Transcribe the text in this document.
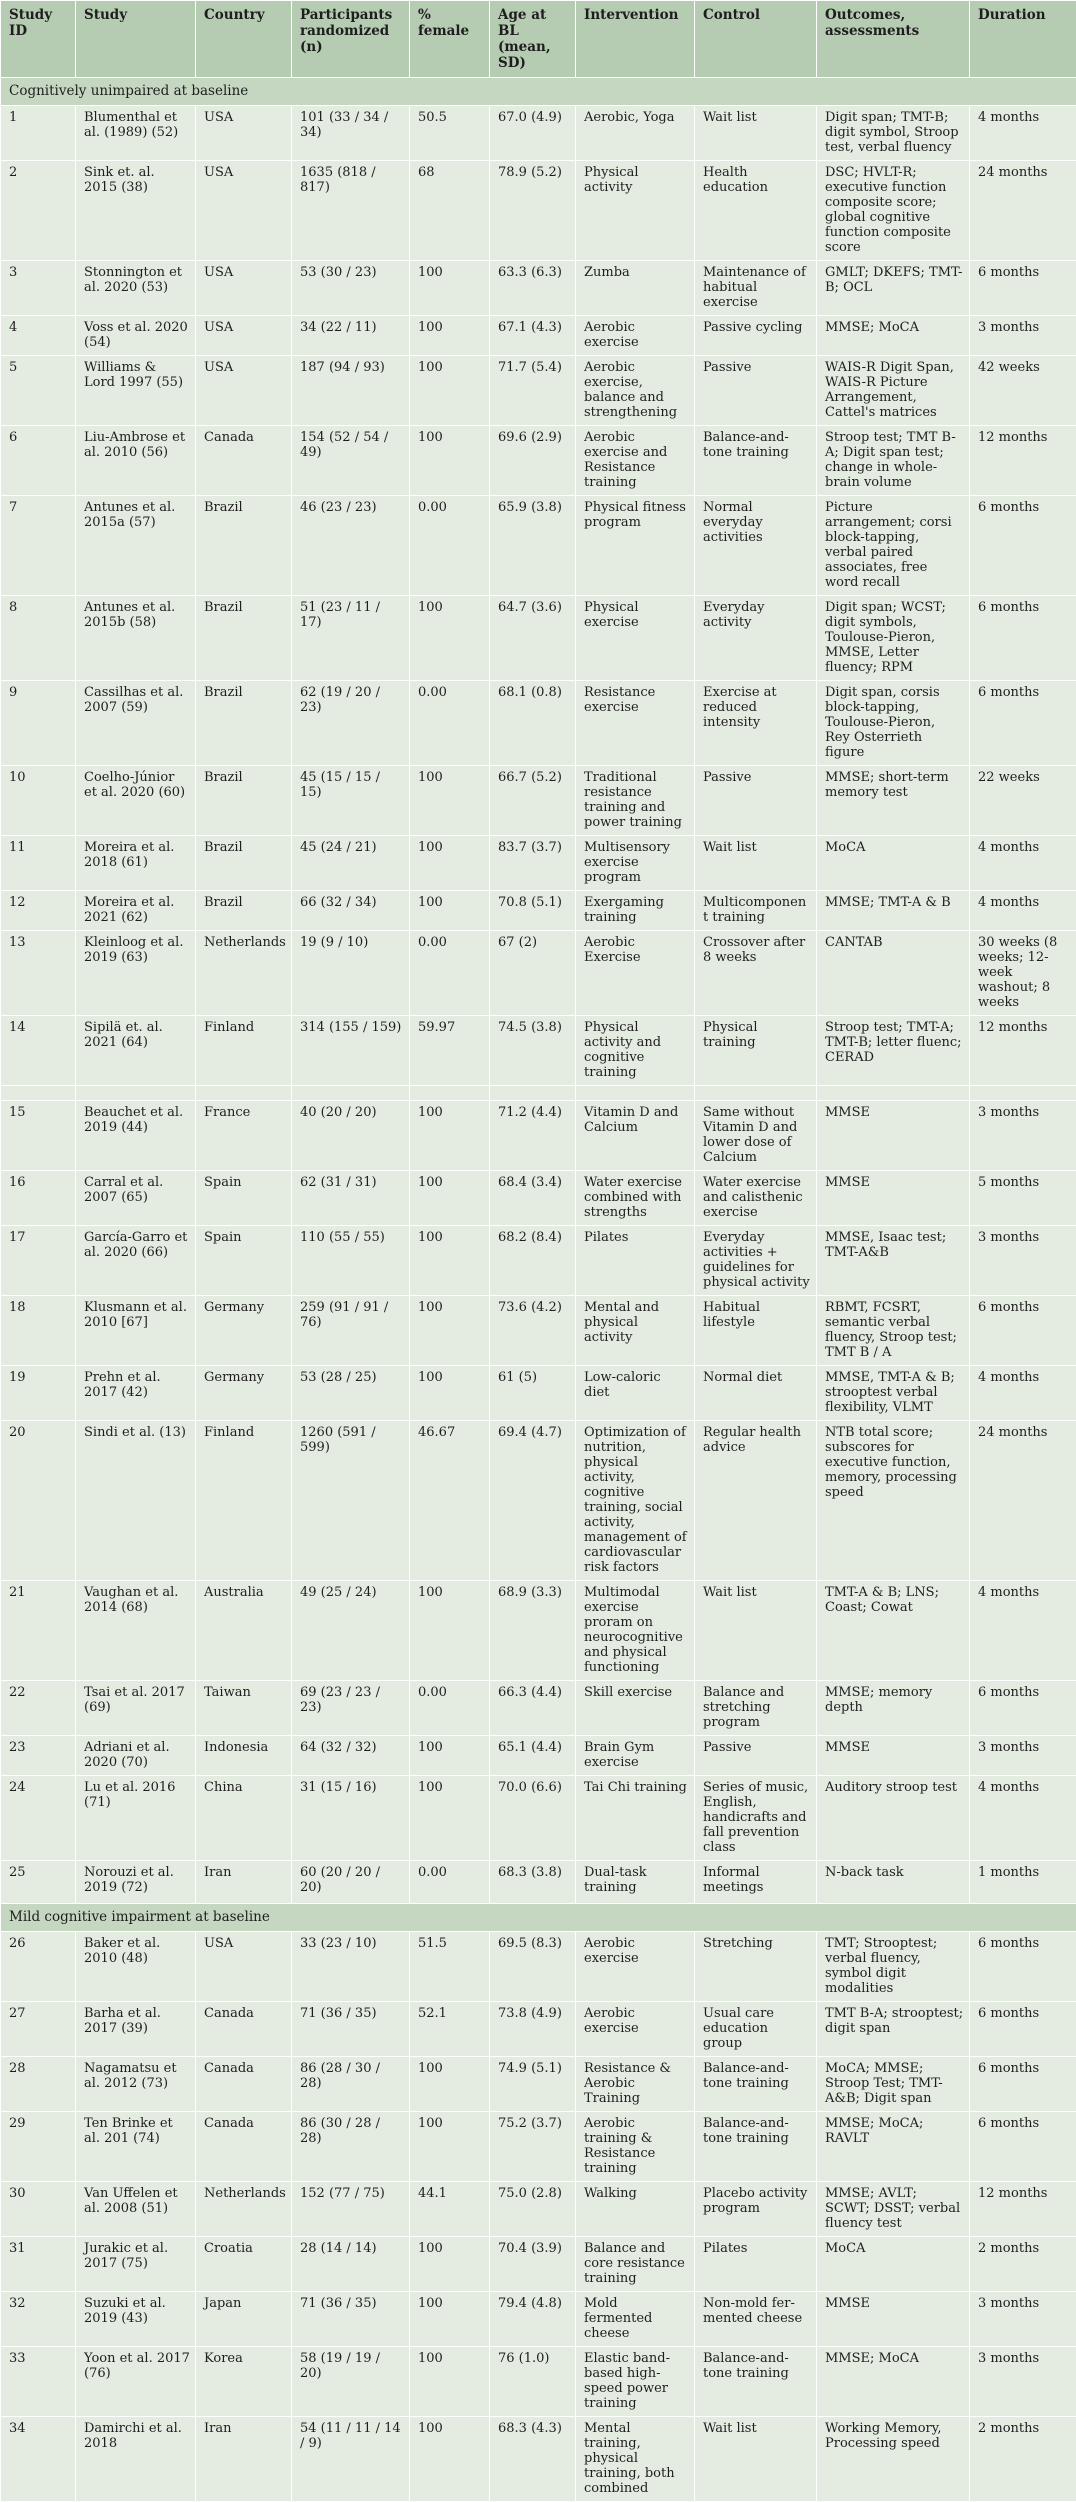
Study ID	Study	Country	Participants randomized (n)	% female	Age at BL (mean, SD)	Intervention	Control	Outcomes, assessments	Duration
Cognitively unimpaired at baseline									
1	Blumenthal et al. (1989) (52)	USA	101 (33 / 34 / 34)	50.5	67.0 (4.9)	Aerobic, Yoga	Wait list	Digit span; TMT-B; digit symbol, Stroop test, verbal fluency	4 months
2	Sink et. al. 2015 (38)	USA	1635 (818 / 817)	68	78.9 (5.2)	Physical activity	Health education	DSC; HVLT-R; executive function composite score; global cognitive function composite score	24 months
3	Stonnington et al. 2020 (53)	USA	53 (30 / 23)	100	63.3 (6.3)	Zumba	Maintenance of habitual exercise	GMLT; DKEFS; TMT-B; OCL	6 months
4	Voss et al. 2020 (54)	USA	34 (22 / 11)	100	67.1 (4.3)	Aerobic exercise	Passive cycling	MMSE; MoCA	3 months
5	Williams & Lord 1997 (55)	USA	187 (94 / 93)	100	71.7 (5.4)	Aerobic exercise, balance and strengthening	Passive	WAIS-R Digit Span, WAIS-R Picture Arrangement, Cattel's matrices	42 weeks
6	Liu-Ambrose et al. 2010 (56)	Canada	154 (52 / 54 / 49)	100	69.6 (2.9)	Aerobic exercise and Resistance training	Balance-and-tone training	Stroop test; TMT B-A; Digit span test; change in whole-brain volume	12 months
7	Antunes et al. 2015a (57)	Brazil	46 (23 / 23)	0.00	65.9 (3.8)	Physical fitness program	Normal everyday activities	Picture arrangement; corsi block-tapping, verbal paired associates, free word recall	6 months
8	Antunes et al. 2015b (58)	Brazil	51 (23 / 11 / 17)	100	64.7 (3.6)	Physical exercise	Everyday activity	Digit span; WCST; digit symbols, Toulouse-Pieron, MMSE, Letter fluency; RPM	6 months
9	Cassilhas et al. 2007 (59)	Brazil	62 (19 / 20 / 23)	0.00	68.1 (0.8)	Resistance exercise	Exercise at reduced intensity	Digit span, corsis block-tapping, Toulouse-Pieron, Rey Osterrieth figure	6 months
10	Coelho-Júnior et al. 2020 (60)	Brazil	45 (15 / 15 / 15)	100	66.7 (5.2)	Traditional resistance training and power training	Passive	MMSE; short-term memory test	22 weeks
11	Moreira et al. 2018 (61)	Brazil	45 (24 / 21)	100	83.7 (3.7)	Multisensory exercise program	Wait list	MoCA	4 months
12	Moreira et al. 2021 (62)	Brazil	66 (32 / 34)	100	70.8 (5.1)	Exergaming training	Multicomponent training	MMSE; TMT-A & B	4 months
13	Kleinloog et al. 2019 (63)	Netherlands	19 (9 / 10)	0.00	67 (2)	Aerobic Exercise	Crossover after 8 weeks	CANTAB	30 weeks (8 weeks; 12-week washout; 8 weeks
14	Sipilä et. al. 2021 (64)	Finland	314 (155 / 159)	59.97	74.5 (3.8)	Physical activity and cognitive training	Physical training	Stroop test; TMT-A; TMT-B; letter fluenc; CERAD	12 months

15	Beauchet et al. 2019 (44)	France	40 (20 / 20)	100	71.2 (4.4)	Vitamin D and Calcium	Same without Vitamin D and lower dose of Calcium	MMSE	3 months
16	Carral et al. 2007 (65)	Spain	62 (31 / 31)	100	68.4 (3.4)	Water exercise combined with strengths	Water exercise and calisthenic exercise	MMSE	5 months
17	García-Garro et al. 2020 (66)	Spain	110 (55 / 55)	100	68.2 (8.4)	Pilates	Everyday activities + guidelines for physical activity	MMSE, Isaac test; TMT-A&B	3 months
18	Klusmann et al. 2010 [67]	Germany	259 (91 / 91 / 76)	100	73.6 (4.2)	Mental and physical activity	Habitual lifestyle	RBMT, FCSRT, semantic verbal fluency, Stroop test; TMT B / A	6 months
19	Prehn et al. 2017 (42)	Germany	53 (28 / 25)	100	61 (5)	Low-caloric diet	Normal diet	MMSE, TMT-A & B; strooptest verbal flexibility, VLMT	4 months
20	Sindi et al. (13)	Finland	1260 (591 / 599)	46.67	69.4 (4.7)	Optimization of nutrition, physical activity, cognitive training, social activity, management of cardiovascular risk factors	Regular health advice	NTB total score; subscores for executive function, memory, processing speed	24 months
21	Vaughan et al. 2014 (68)	Australia	49 (25 / 24)	100	68.9 (3.3)	Multimodal exercise proram on neurocognitive and physical functioning	Wait list	TMT-A & B; LNS; Coast; Cowat	4 months
22	Tsai et al. 2017 (69)	Taiwan	69 (23 / 23 / 23)	0.00	66.3 (4.4)	Skill exercise	Balance and stretching program	MMSE; memory depth	6 months
23	Adriani et al. 2020 (70)	Indonesia	64 (32 / 32)	100	65.1 (4.4)	Brain Gym exercise	Passive	MMSE	3 months
24	Lu et al. 2016 (71)	China	31 (15 / 16)	100	70.0 (6.6)	Tai Chi training	Series of music, English, handicrafts and fall prevention class	Auditory stroop test	4 months
25	Norouzi et al. 2019 (72)	Iran	60 (20 / 20 / 20)	0.00	68.3 (3.8)	Dual-task training	Informal meetings	N-back task	1 months
Mild cognitive impairment at baseline									
26	Baker et al. 2010 (48)	USA	33 (23 / 10)	51.5	69.5 (8.3)	Aerobic exercise	Stretching	TMT; Strooptest; verbal fluency, symbol digit modalities	6 months
27	Barha et al. 2017 (39)	Canada	71 (36 / 35)	52.1	73.8 (4.9)	Aerobic exercise	Usual care education group	TMT B-A; strooptest; digit span	6 months
28	Nagamatsu et al. 2012 (73)	Canada	86 (28 / 30 / 28)	100	74.9 (5.1)	Resistance & Aerobic Training	Balance-and-tone training	MoCA; MMSE; Stroop Test; TMT-A&B; Digit span	6 months
29	Ten Brinke et al. 201 (74)	Canada	86 (30 / 28 / 28)	100	75.2 (3.7)	Aerobic training & Resistance training	Balance-and-tone training	MMSE; MoCA; RAVLT	6 months
30	Van Uffelen et al. 2008 (51)	Netherlands	152 (77 / 75)	44.1	75.0 (2.8)	Walking	Placebo activity program	MMSE; AVLT; SCWT; DSST; verbal fluency test	12 months
31	Jurakic et al. 2017 (75)	Croatia	28 (14 / 14)	100	70.4 (3.9)	Balance and core resistance training	Pilates	MoCA	2 months
32	Suzuki et al. 2019 (43)	Japan	71 (36 / 35)	100	79.4 (4.8)	Mold fermented cheese	Non-mold fer-mented cheese	MMSE	3 months
33	Yoon et al. 2017 (76)	Korea	58 (19 / 19 / 20)	100	76 (1.0)	Elastic band-based high-speed power training	Balance-and-tone training	MMSE; MoCA	3 months
34	Damirchi et al. 2018	Iran	54 (11 / 11 / 14 / 9)	100	68.3 (4.3)	Mental training, physical training, both combined	Wait list	Working Memory, Processing speed	2 months
